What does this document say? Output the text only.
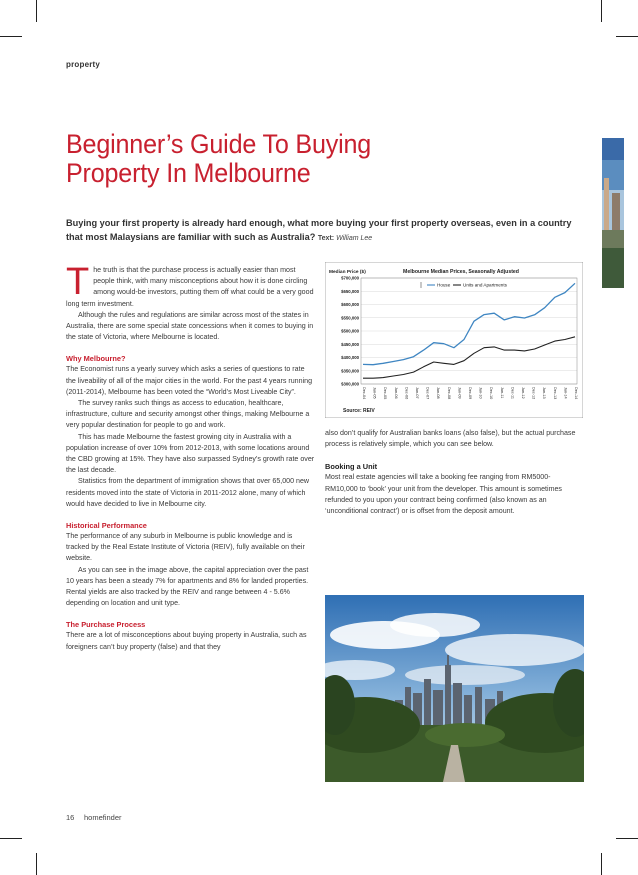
property
Beginner’s Guide To Buying
Property In Melbourne
Buying your first property is already hard enough, what more buying your first property overseas, even in a country that most Malaysians are familiar with such as Australia? Text: William Lee

The truth is that the purchase process is actually easier than most people think, with many misconceptions about how it is done circling among would-be investors, putting them off what could be a very good long term investment.

Although the rules and regulations are similar across most of the states in Australia, there are some special state concessions when it comes to buying in the state of Victoria, where Melbourne is located.

Why Melbourne?

The Economist runs a yearly survey which asks a series of questions to rate the liveability of all of the major cities in the world. For the past 4 years running (2011-2014), Melbourne has been voted the “World’s Most Liveable City”.

The survey ranks such things as access to education, healthcare, infrastructure, culture and security amongst other things, making Melbourne a very popular destination for people to go and work.

This has made Melbourne the fastest growing city in Australia with a population increase of over 10% from 2012-2013, with some locations around the CBD growing at 15%. They have also surpassed Sydney’s growth rate over the last decade.

Statistics from the department of immigration shows that over 65,000 new residents moved into the state of Victoria in 2011-2012 alone, many of which would have decided to live in Melbourne city.

Historical Performance

The performance of any suburb in Melbourne is public knowledge and is tracked by the Real Estate Institute of Victoria (REIV), fully available on their website.

As you can see in the image above, the capital appreciation over the past 10 years has been a steady 7% for apartments and 8% for landed properties. Rental yields are also tracked by the REIV and range between 4 - 5.6% depending on location and unit type.

The Purchase Process

There are a lot of misconceptions about buying property in Australia, such as foreigners can’t buy property (false) and that they

Median Price ($)	Melbourne Median Prices, Seasonally Adjusted
$700,000
$650,000
$600,000
$550,000
$500,000
$450,000
$400,000
$350,000
$300,000
Dec-04 Jun-05 Dec-05 Jun-06 Dec-06 Jun-07 Dec-07 Jun-08 Dec-08 Jun-09 Dec-09 Jun-10 Dec-10 Jun-11 Dec-11 Jun-12 Dec-12 Jun-13 Dec-13 Jun-14 Dec-14
House	Units and Apartments
Source: REIV

also don’t qualify for Australian banks loans (also false), but the actual purchase process is relatively simple, which you can see below.

Booking a Unit

Most real estate agencies will take a booking fee ranging from RM5000-RM10,000 to ‘book’ your unit from the developer. This amount is sometimes refunded to you upon your contract being confirmed (also known as an ‘unconditional contract’) or is offset from the deposit amount.

16 homefinder
